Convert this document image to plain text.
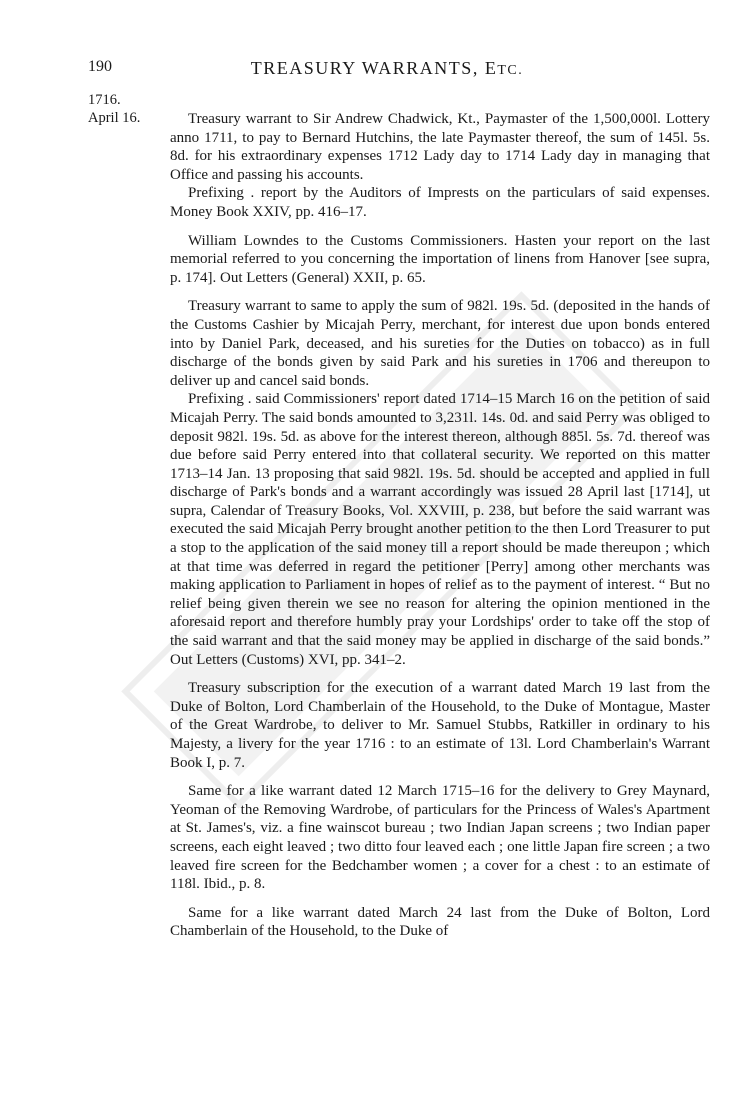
190	TREASURY WARRANTS, ETC.
1716.
April 16.	Treasury warrant to Sir Andrew Chadwick, Kt., Paymaster of the 1,500,000l. Lottery anno 1711, to pay to Bernard Hutchins, the late Paymaster thereof, the sum of 145l. 5s. 8d. for his extraordinary expenses 1712 Lady day to 1714 Lady day in managing that Office and passing his accounts.

Prefixing . report by the Auditors of Imprests on the particulars of said expenses. Money Book XXIV, pp. 416–17.

William Lowndes to the Customs Commissioners. Hasten your report on the last memorial referred to you concerning the importation of linens from Hanover [see supra, p. 174]. Out Letters (General) XXII, p. 65.

Treasury warrant to same to apply the sum of 982l. 19s. 5d. (deposited in the hands of the Customs Cashier by Micajah Perry, merchant, for interest due upon bonds entered into by Daniel Park, deceased, and his sureties for the Duties on tobacco) as in full discharge of the bonds given by said Park and his sureties in 1706 and thereupon to deliver up and cancel said bonds.

Prefixing . said Commissioners' report dated 1714–15 March 16 on the petition of said Micajah Perry. The said bonds amounted to 3,231l. 14s. 0d. and said Perry was obliged to deposit 982l. 19s. 5d. as above for the interest thereon, although 885l. 5s. 7d. thereof was due before said Perry entered into that collateral security. We reported on this matter 1713–14 Jan. 13 proposing that said 982l. 19s. 5d. should be accepted and applied in full discharge of Park's bonds and a warrant accordingly was issued 28 April last [1714], ut supra, Calendar of Treasury Books, Vol. XXVIII, p. 238, but before the said warrant was executed the said Micajah Perry brought another petition to the then Lord Treasurer to put a stop to the application of the said money till a report should be made thereupon ; which at that time was deferred in regard the petitioner [Perry] among other merchants was making application to Parliament in hopes of relief as to the payment of interest. “ But no relief being given therein we see no reason for altering the opinion mentioned in the aforesaid report and therefore humbly pray your Lordships' order to take off the stop of the said warrant and that the said money may be applied in discharge of the said bonds.” Out Letters (Customs) XVI, pp. 341–2.

Treasury subscription for the execution of a warrant dated March 19 last from the Duke of Bolton, Lord Chamberlain of the Household, to the Duke of Montague, Master of the Great Wardrobe, to deliver to Mr. Samuel Stubbs, Ratkiller in ordinary to his Majesty, a livery for the year 1716 : to an estimate of 13l. Lord Chamberlain's Warrant Book I, p. 7.

Same for a like warrant dated 12 March 1715–16 for the delivery to Grey Maynard, Yeoman of the Removing Wardrobe, of particulars for the Princess of Wales's Apartment at St. James's, viz. a fine wainscot bureau ; two Indian Japan screens ; two Indian paper screens, each eight leaved ; two ditto four leaved each ; one little Japan fire screen ; a two leaved fire screen for the Bedchamber women ; a cover for a chest : to an estimate of 118l. Ibid., p. 8.

Same for a like warrant dated March 24 last from the Duke of Bolton, Lord Chamberlain of the Household, to the Duke of
